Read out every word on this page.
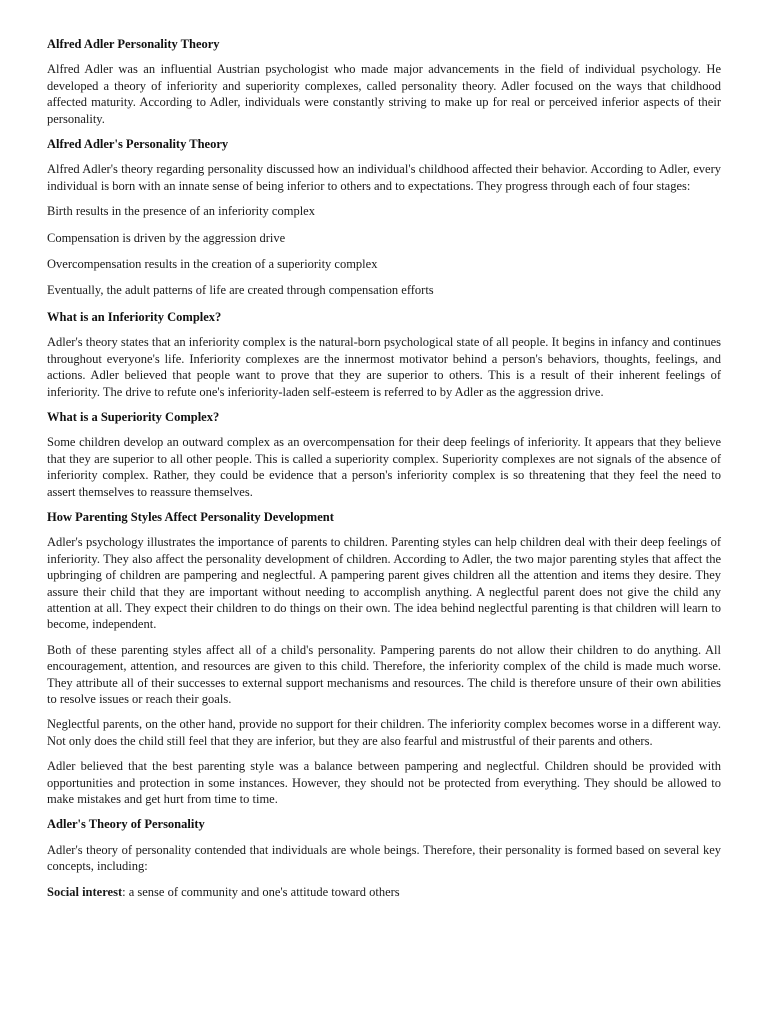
Alfred Adler Personality Theory

Alfred Adler was an influential Austrian psychologist who made major advancements in the field of individual psychology. He developed a theory of inferiority and superiority complexes, called personality theory. Adler focused on the ways that childhood affected maturity. According to Adler, individuals were constantly striving to make up for real or perceived inferior aspects of their personality.

Alfred Adler's Personality Theory

Alfred Adler's theory regarding personality discussed how an individual's childhood affected their behavior. According to Adler, every individual is born with an innate sense of being inferior to others and to expectations. They progress through each of four stages:

Birth results in the presence of an inferiority complex

Compensation is driven by the aggression drive

Overcompensation results in the creation of a superiority complex

Eventually, the adult patterns of life are created through compensation efforts

What is an Inferiority Complex?

Adler's theory states that an inferiority complex is the natural-born psychological state of all people. It begins in infancy and continues throughout everyone's life. Inferiority complexes are the innermost motivator behind a person's behaviors, thoughts, feelings, and actions. Adler believed that people want to prove that they are superior to others. This is a result of their inherent feelings of inferiority. The drive to refute one's inferiority-laden self-esteem is referred to by Adler as the aggression drive.

What is a Superiority Complex?

Some children develop an outward complex as an overcompensation for their deep feelings of inferiority. It appears that they believe that they are superior to all other people. This is called a superiority complex. Superiority complexes are not signals of the absence of inferiority complex. Rather, they could be evidence that a person's inferiority complex is so threatening that they feel the need to assert themselves to reassure themselves.

How Parenting Styles Affect Personality Development

Adler's psychology illustrates the importance of parents to children. Parenting styles can help children deal with their deep feelings of inferiority. They also affect the personality development of children. According to Adler, the two major parenting styles that affect the upbringing of children are pampering and neglectful. A pampering parent gives children all the attention and items they desire. They assure their child that they are important without needing to accomplish anything. A neglectful parent does not give the child any attention at all. They expect their children to do things on their own. The idea behind neglectful parenting is that children will learn to become, independent.

Both of these parenting styles affect all of a child's personality. Pampering parents do not allow their children to do anything. All encouragement, attention, and resources are given to this child. Therefore, the inferiority complex of the child is made much worse. They attribute all of their successes to external support mechanisms and resources. The child is therefore unsure of their own abilities to resolve issues or reach their goals.

Neglectful parents, on the other hand, provide no support for their children. The inferiority complex becomes worse in a different way. Not only does the child still feel that they are inferior, but they are also fearful and mistrustful of their parents and others.

Adler believed that the best parenting style was a balance between pampering and neglectful. Children should be provided with opportunities and protection in some instances. However, they should not be protected from everything. They should be allowed to make mistakes and get hurt from time to time.

Adler's Theory of Personality

Adler's theory of personality contended that individuals are whole beings. Therefore, their personality is formed based on several key concepts, including:

Social interest: a sense of community and one's attitude toward others
